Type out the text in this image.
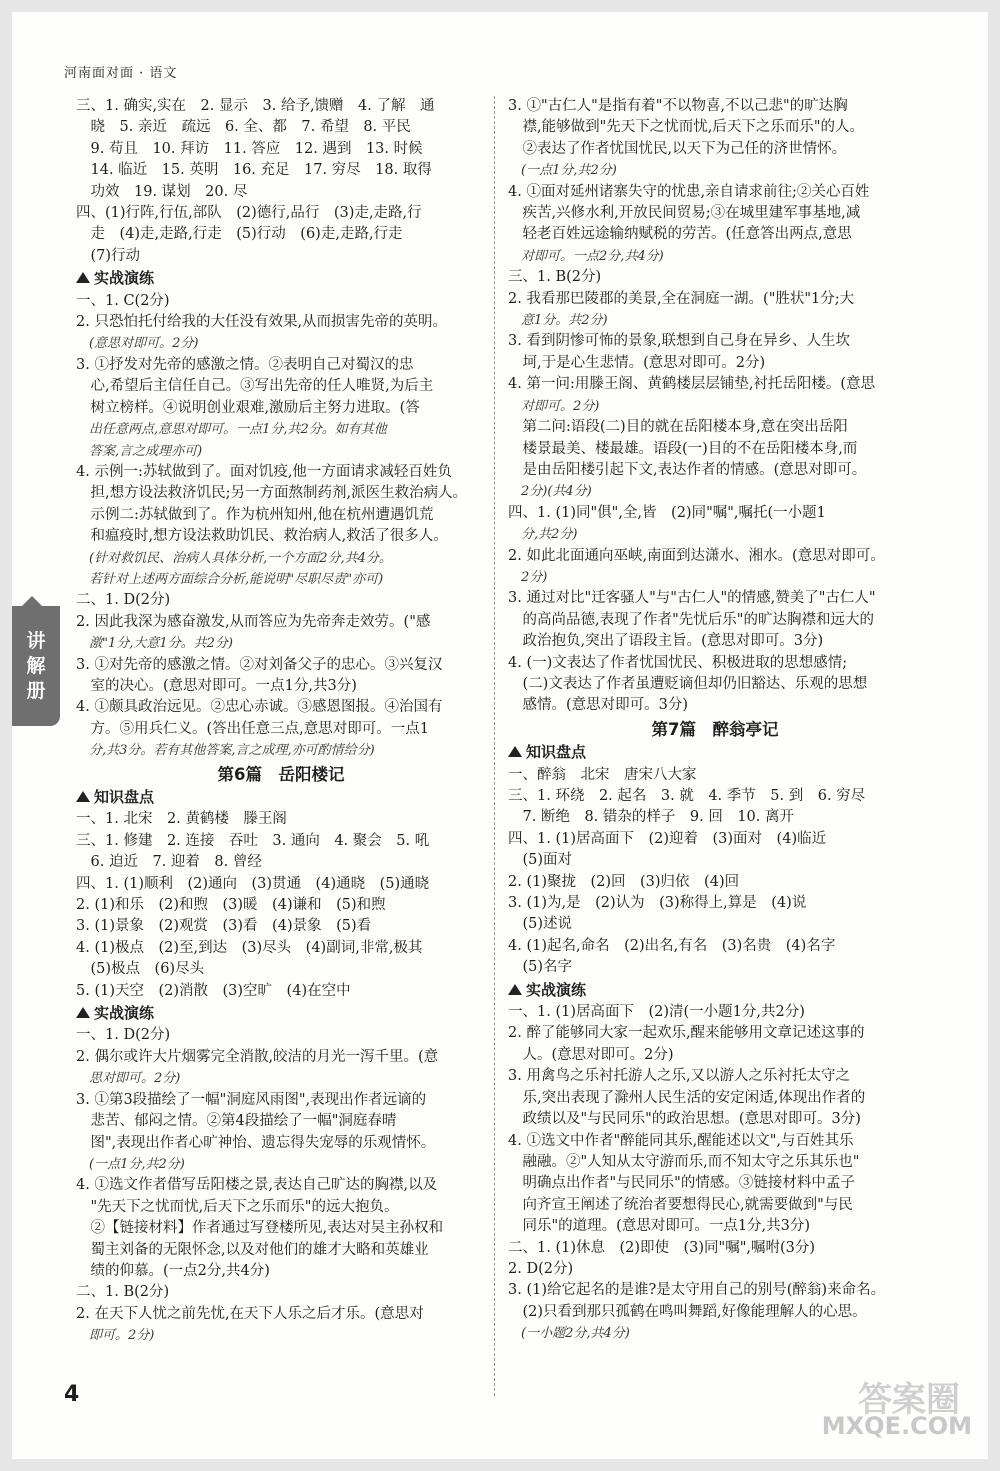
河南面对面 · 语文
三、1. 确实,实在　2. 显示　3. 给予,馈赠　4. 了解　通
　晓　5. 亲近　疏远　6. 全、都　7. 希望　8. 平民
　9. 苟且　10. 拜访　11. 答应　12. 遇到　13. 时候
　14. 临近　15. 英明　16. 充足　17. 穷尽　18. 取得
　功效　19. 谋划　20. 尽
四、(1)行阵,行伍,部队　(2)德行,品行　(3)走,走路,行
　走　(4)走,走路,行走　(5)行动　(6)走,走路,行走
　(7)行动
实战演练
一、1. C(2分)
2. 只恐怕托付给我的大任没有效果,从而损害先帝的英明。
　(意思对即可。2分)
3. ①抒发对先帝的感激之情。②表明自己对蜀汉的忠
　心,希望后主信任自己。③写出先帝的任人唯贤,为后主
　树立榜样。④说明创业艰难,激励后主努力进取。(答
　出任意两点,意思对即可。一点1分,共2分。如有其他
　答案,言之成理亦可)
4. 示例一:苏轼做到了。面对饥疫,他一方面请求减轻百姓负
　担,想方设法救济饥民;另一方面熬制药剂,派医生救治病人。
　示例二:苏轼做到了。作为杭州知州,他在杭州遭遇饥荒
　和瘟疫时,想方设法救助饥民、救治病人,救活了很多人。
　(针对救饥民、治病人具体分析,一个方面2分,共4分。
　若针对上述两方面综合分析,能说明"尽职尽责"亦可)
二、1. D(2分)
2. 因此我深为感奋激发,从而答应为先帝奔走效劳。("感
　激"1分,大意1分。共2分)
3. ①对先帝的感激之情。②对刘备父子的忠心。③兴复汉
　室的决心。(意思对即可。一点1分,共3分)
4. ①颇具政治远见。②忠心赤诚。③感恩图报。④治国有
　方。⑤用兵仁义。(答出任意三点,意思对即可。一点1
　分,共3分。若有其他答案,言之成理,亦可酌情给分)
第6篇　岳阳楼记
知识盘点
一、1. 北宋　2. 黄鹤楼　滕王阁
三、1. 修建　2. 连接　吞吐　3. 通向　4. 聚会　5. 吼
　6. 迫近　7. 迎着　8. 曾经
四、1. (1)顺利　(2)通向　(3)贯通　(4)通晓　(5)通晓
2. (1)和乐　(2)和煦　(3)暖　(4)谦和　(5)和煦
3. (1)景象　(2)观赏　(3)看　(4)景象　(5)看
4. (1)极点　(2)至,到达　(3)尽头　(4)副词,非常,极其
　(5)极点　(6)尽头
5. (1)天空　(2)消散　(3)空旷　(4)在空中
实战演练
一、1. D(2分)
2. 偶尔或许大片烟雾完全消散,皎洁的月光一泻千里。(意
　思对即可。2分)
3. ①第3段描绘了一幅"洞庭风雨图",表现出作者远谪的
　悲苦、郁闷之情。②第4段描绘了一幅"洞庭春晴
　图",表现出作者心旷神怡、遗忘得失宠辱的乐观情怀。
　(一点1分,共2分)
4. ①选文作者借写岳阳楼之景,表达自己旷达的胸襟,以及
　"先天下之忧而忧,后天下之乐而乐"的远大抱负。
　②【链接材料】作者通过写登楼所见,表达对吴主孙权和
　蜀主刘备的无限怀念,以及对他们的雄才大略和英雄业
　绩的仰慕。(一点2分,共4分)
二、1. B(2分)
2. 在天下人忧之前先忧,在天下人乐之后才乐。(意思对
　即可。2分)
3. ①"古仁人"是指有着"不以物喜,不以己悲"的旷达胸
　襟,能够做到"先天下之忧而忧,后天下之乐而乐"的人。
　②表达了作者忧国忧民,以天下为己任的济世情怀。
　(一点1分,共2分)
4. ①面对延州诸寨失守的忧患,亲自请求前往;②关心百姓
　疾苦,兴修水利,开放民间贸易;③在城里建军事基地,减
　轻老百姓远途输纳赋税的劳苦。(任意答出两点,意思
　对即可。一点2分,共4分)
三、1. B(2分)
2. 我看那巴陵郡的美景,全在洞庭一湖。("胜状"1分;大
　意1分。共2分)
3. 看到阴惨可怖的景象,联想到自己身在异乡、人生坎
　坷,于是心生悲情。(意思对即可。2分)
4. 第一问:用滕王阁、黄鹤楼层层铺垫,衬托岳阳楼。(意思
　对即可。2分)
　第二问:语段(二)目的就在岳阳楼本身,意在突出岳阳
　楼景最美、楼最雄。语段(一)目的不在岳阳楼本身,而
　是由岳阳楼引起下文,表达作者的情感。(意思对即可。
　2分)(共4分)
四、1. (1)同"俱",全,皆　(2)同"嘱",嘱托(一小题1
　分,共2分)
2. 如此北面通向巫峡,南面到达潇水、湘水。(意思对即可。
　2分)
3. 通过对比"迁客骚人"与"古仁人"的情感,赞美了"古仁人"
　的高尚品德,表现了作者"先忧后乐"的旷达胸襟和远大的
　政治抱负,突出了语段主旨。(意思对即可。3分)
4. (一)文表达了作者忧国忧民、积极进取的思想感情;
　(二)文表达了作者虽遭贬谪但却仍旧豁达、乐观的思想
　感情。(意思对即可。3分)
第7篇　醉翁亭记
知识盘点
一、醉翁　北宋　唐宋八大家
三、1. 环绕　2. 起名　3. 就　4. 季节　5. 到　6. 穷尽
　7. 断绝　8. 错杂的样子　9. 回　10. 离开
四、1. (1)居高面下　(2)迎着　(3)面对　(4)临近
　(5)面对
2. (1)聚拢　(2)回　(3)归依　(4)回
3. (1)为,是　(2)认为　(3)称得上,算是　(4)说
　(5)述说
4. (1)起名,命名　(2)出名,有名　(3)名贵　(4)名字
　(5)名字
实战演练
一、1. (1)居高面下　(2)清(一小题1分,共2分)
2. 醉了能够同大家一起欢乐,醒来能够用文章记述这事的
　人。(意思对即可。2分)
3. 用禽鸟之乐衬托游人之乐,又以游人之乐衬托太守之
　乐,突出表现了滁州人民生活的安定闲适,体现出作者的
　政绩以及"与民同乐"的政治思想。(意思对即可。3分)
4. ①选文中作者"醉能同其乐,醒能述以文",与百姓其乐
　融融。②"人知从太守游而乐,而不知太守之乐其乐也"
　明确点出作者"与民同乐"的情感。③链接材料中孟子
　向齐宣王阐述了统治者要想得民心,就需要做到"与民
　同乐"的道理。(意思对即可。一点1分,共3分)
二、1. (1)休息　(2)即使　(3)同"嘱",嘱咐(3分)
2. D(2分)
3. (1)给它起名的是谁?是太守用自己的别号(醉翁)来命名。
　(2)只看到那只孤鹤在鸣叫舞蹈,好像能理解人的心思。
　(一小题2分,共4分)
讲
解
册
4	答案圈
MXQE.COM
